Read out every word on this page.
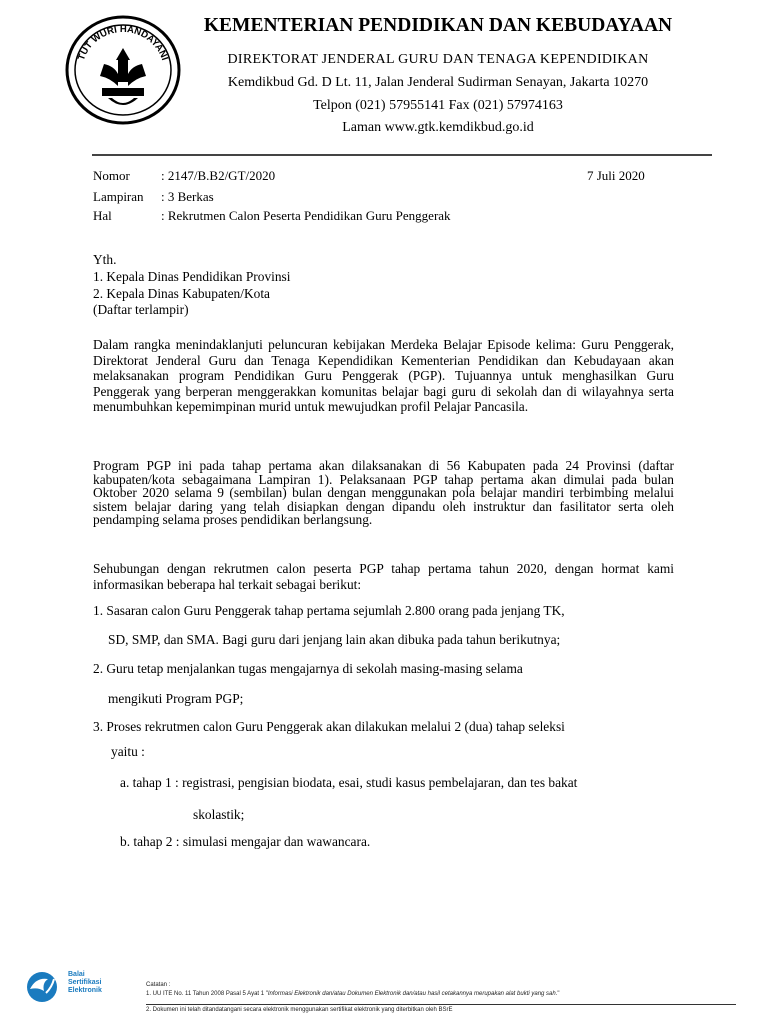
TUT WURI HANDAYANI
KEMENTERIAN PENDIDIKAN DAN KEBUDAYAAN
DIREKTORAT JENDERAL GURU DAN TENAGA KEPENDIDIKAN
Kemdikbud Gd. D Lt. 11, Jalan Jenderal Sudirman Senayan, Jakarta 10270
Telpon (021) 57955141 Fax (021) 57974163
Laman www.gtk.kemdikbud.go.id
Nomor : 2147/B.B2/GT/2020	7 Juli 2020
Lampiran : 3 Berkas
Hal	: Rekrutmen Calon Peserta Pendidikan Guru Penggerak
Yth.
1. Kepala Dinas Pendidikan Provinsi
2. Kepala Dinas Kabupaten/Kota
(Daftar terlampir)
Dalam rangka menindaklanjuti peluncuran kebijakan Merdeka Belajar Episode kelima: Guru Penggerak, Direktorat Jenderal Guru dan Tenaga Kependidikan Kementerian Pendidikan dan Kebudayaan akan melaksanakan program Pendidikan Guru Penggerak (PGP). Tujuannya untuk menghasilkan Guru Penggerak yang berperan menggerakkan komunitas belajar bagi guru di sekolah dan di wilayahnya serta menumbuhkan kepemimpinan murid untuk mewujudkan profil Pelajar Pancasila.
Program PGP ini pada tahap pertama akan dilaksanakan di 56 Kabupaten pada 24 Provinsi (daftar kabupaten/kota sebagaimana Lampiran 1). Pelaksanaan PGP tahap pertama akan dimulai pada bulan Oktober 2020 selama 9 (sembilan) bulan dengan menggunakan pola belajar mandiri terbimbing melalui sistem belajar daring yang telah disiapkan dengan dipandu oleh instruktur dan fasilitator serta oleh pendamping selama proses pendidikan berlangsung.
Sehubungan dengan rekrutmen calon peserta PGP tahap pertama tahun 2020, dengan hormat kami informasikan beberapa hal terkait sebagai berikut:
1. Sasaran calon Guru Penggerak tahap pertama sejumlah 2.800 orang pada jenjang TK,
SD, SMP, dan SMA. Bagi guru dari jenjang lain akan dibuka pada tahun berikutnya;
2. Guru tetap menjalankan tugas mengajarnya di sekolah masing-masing selama
mengikuti Program PGP;
3. Proses rekrutmen calon Guru Penggerak akan dilakukan melalui 2 (dua) tahap seleksi
yaitu :
a. tahap 1 : registrasi, pengisian biodata, esai, studi kasus pembelajaran, dan tes bakat
skolastik;
b. tahap 2 : simulasi mengajar dan wawancara.
Balai
Sertifikasi
Elektronik
Catatan :
1. UU ITE No. 11 Tahun 2008 Pasal 5 Ayat 1 "Informasi Elektronik dan/atau Dokumen Elektronik dan/atau hasil cetakannya merupakan alat bukti yang sah."
2. Dokumen ini telah ditandatangani secara elektronik menggunakan sertifikat elektronik yang diterbitkan oleh BSrE
